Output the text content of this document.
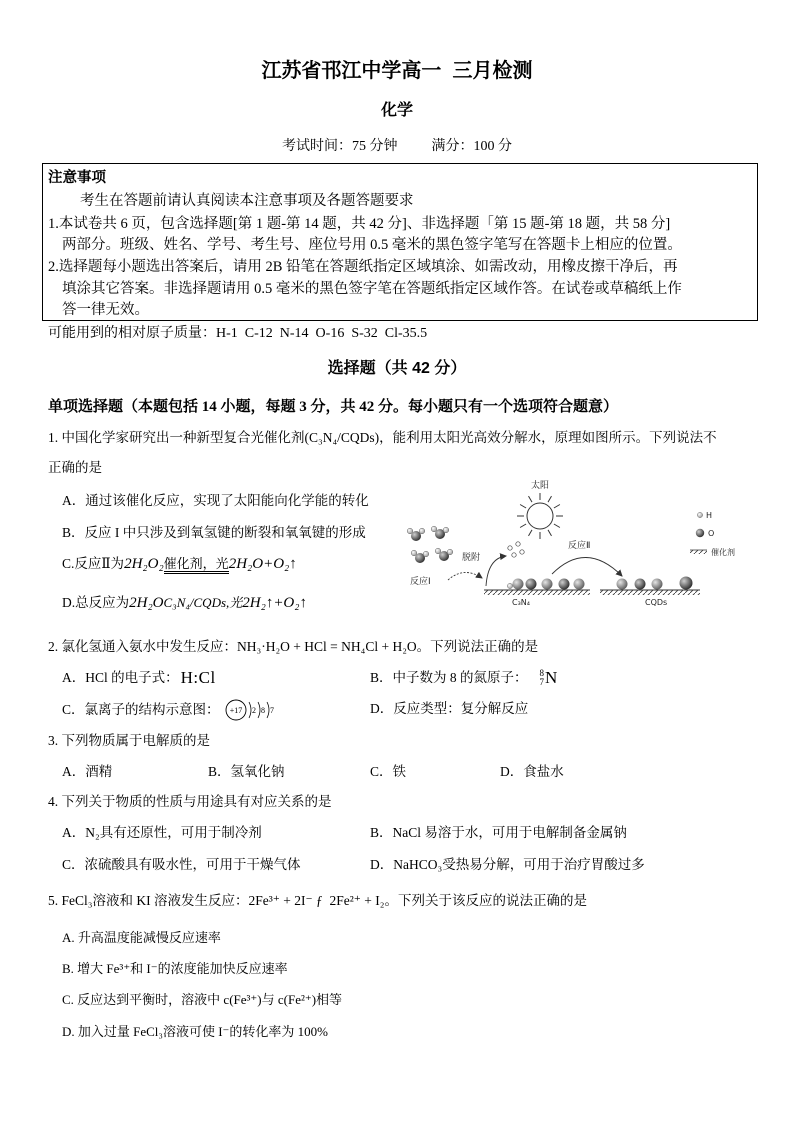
江苏省邗江中学高一  三月检测
化学
考试时间：75 分钟 满分：100 分
注意事项
考生在答题前请认真阅读本注意事项及各题答题要求
1.本试卷共 6 页，包含选择题[第 1 题-第 14 题，共 42 分]、非选择题「第 15 题-第 18 题，共 58 分]
两部分。班级、姓名、学号、考生号、座位号用 0.5 毫米的黑色签字笔写在答题卡上相应的位置。
2.选择题每小题选出答案后，请用 2B 铅笔在答题纸指定区域填涂、如需改动，用橡皮擦干净后，再
填涂其它答案。非选择题请用 0.5 毫米的黑色签字笔在答题纸指定区域作答。在试卷或草稿纸上作
答一律无效。
可能用到的相对原子质量：H-1  C-12  N-14  O-16  S-32  Cl-35.5
选择题（共 42 分）
单项选择题（本题包括 14 小题，每题 3 分，共 42 分。每小题只有一个选项符合题意）
1. 中国化学家研究出一种新型复合光催化剂(C₃N₄/CQDs)，能利用太阳光高效分解水，原理如图所示。下列说法不
正确的是
A．通过该催化反应，实现了太阳能向化学能的转化
B．反应 I 中只涉及到氧氢键的断裂和氧氧键的形成
C.反应Ⅱ为2H₂O₂催化剂，光2H₂O+O₂↑
D.总反应为2H₂OC₃N₄/CQDs,光2H₂↑+O₂↑
太阳
H
O
催化剂
反应Ⅰ
脱附
C₃N₄
反应Ⅱ
CQDs
2. 氯化氢通入氨水中发生反应：NH₃·H₂O + HCl = NH₄Cl + H₂O。下列说法正确的是
A．HCl 的电子式： H:Cl	B．中子数为 8 的氮原子： 8
7 N
C．氯离子的结构示意图： +17 2 8 7	D．反应类型：复分解反应
3. 下列物质属于电解质的是
A．酒精	B．氢氧化钠	C．铁	D．食盐水
4. 下列关于物质的性质与用途具有对应关系的是
A．N₂具有还原性，可用于制冷剂	B．NaCl 易溶于水，可用于电解制备金属钠
C．浓硫酸具有吸水性，可用于干燥气体	D．NaHCO₃受热易分解，可用于治疗胃酸过多
5. FeCl₃溶液和 KI 溶液发生反应：2Fe³⁺ + 2I⁻ ƒ  2Fe²⁺ + I₂。下列关于该反应的说法正确的是
A. 升高温度能减慢反应速率
B. 增大 Fe³⁺和 I⁻的浓度能加快反应速率
C. 反应达到平衡时，溶液中 c(Fe³⁺)与 c(Fe²⁺)相等
D. 加入过量 FeCl₃溶液可使 I⁻的转化率为 100%
